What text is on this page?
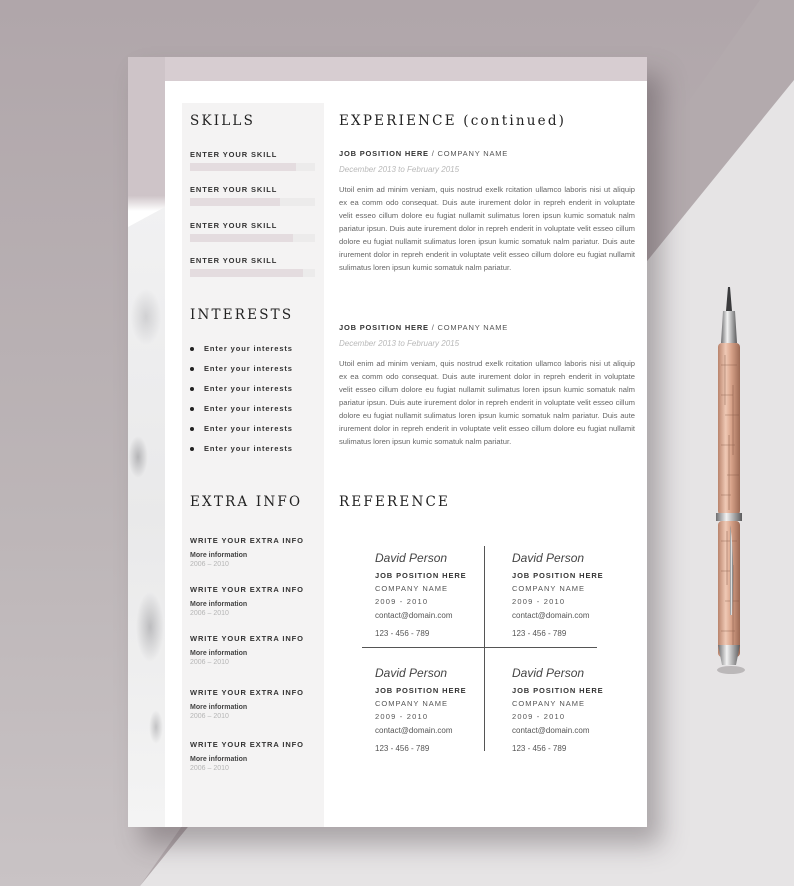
SKILLS
ENTER YOUR SKILL
ENTER YOUR SKILL
ENTER YOUR SKILL
ENTER YOUR SKILL
INTERESTS
Enter your interests
Enter your interests
Enter your interests
Enter your interests
Enter your interests
Enter your interests
EXTRA INFO
WRITE YOUR EXTRA INFO
More information
2006 – 2010
WRITE YOUR EXTRA INFO
More information
2006 – 2010
WRITE YOUR EXTRA INFO
More information
2006 – 2010
WRITE YOUR EXTRA INFO
More information
2006 – 2010
WRITE YOUR EXTRA INFO
More information
2006 – 2010
EXPERIENCE (continued)
JOB POSITION HERE / COMPANY NAME
December 2013 to February 2015
Utoil enim ad minim veniam, quis nostrud exelk rcitation ullamco laboris nisi ut aliquip ex ea comm odo consequat. Duis aute irurement dolor in repreh enderit in voluptate velit esseo cillum dolore eu fugiat nullamit sulimatus loren ipsun kumic somatuk nalm pariatur ipsun. Duis aute irurement dolor in repreh enderit in voluptate velit esseo cillum dolore eu fugiat nullamit sulimatus loren ipsun kumic somatuk nalm pariatur. Duis aute irurement dolor in repreh enderit in voluptate velit esseo cillum dolore eu fugiat nullamit sulimatus loren ipsun kumic somatuk nalm pariatur.
JOB POSITION HERE / COMPANY NAME
December 2013 to February 2015
Utoil enim ad minim veniam, quis nostrud exelk rcitation ullamco laboris nisi ut aliquip ex ea comm odo consequat. Duis aute irurement dolor in repreh enderit in voluptate velit esseo cillum dolore eu fugiat nullamit sulimatus loren ipsun kumic somatuk nalm pariatur ipsun. Duis aute irurement dolor in repreh enderit in voluptate velit esseo cillum dolore eu fugiat nullamit sulimatus loren ipsun kumic somatuk nalm pariatur. Duis aute irurement dolor in repreh enderit in voluptate velit esseo cillum dolore eu fugiat nullamit sulimatus loren ipsun kumic somatuk nalm pariatur.
REFERENCE
David Person
JOB POSITION HERE
COMPANY NAME
2009 - 2010
contact@domain.com
123 - 456 - 789
David Person
JOB POSITION HERE
COMPANY NAME
2009 - 2010
contact@domain.com
123 - 456 - 789
David Person
JOB POSITION HERE
COMPANY NAME
2009 - 2010
contact@domain.com
123 - 456 - 789
David Person
JOB POSITION HERE
COMPANY NAME
2009 - 2010
contact@domain.com
123 - 456 - 789
